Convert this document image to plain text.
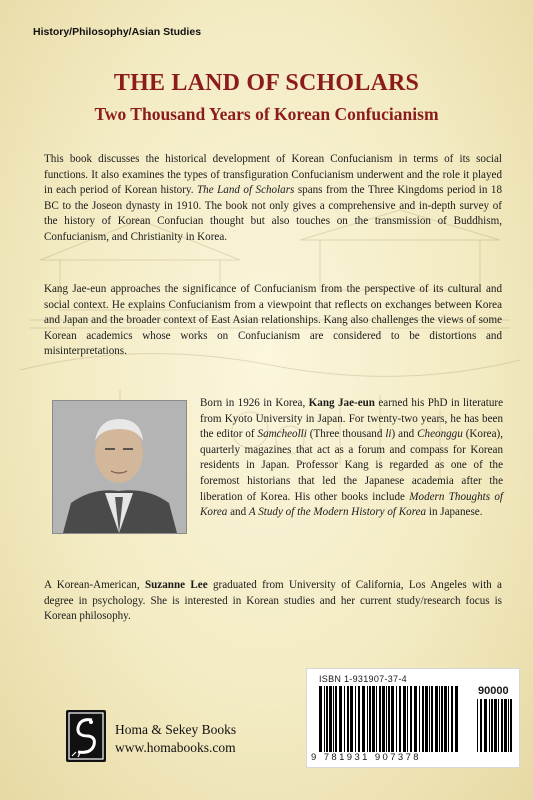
History/Philosophy/Asian Studies
THE LAND OF SCHOLARS
Two Thousand Years of Korean Confucianism
This book discusses the historical development of Korean Confucianism in terms of its social functions. It also examines the types of transfiguration Confucianism underwent and the role it played in each period of Korean history. The Land of Scholars spans from the Three Kingdoms period in 18 BC to the Joseon dynasty in 1910. The book not only gives a comprehensive and in-depth survey of the history of Korean Confucian thought but also touches on the transmission of Buddhism, Confucianism, and Christianity in Korea.
Kang Jae-eun approaches the significance of Confucianism from the perspective of its cultural and social context. He explains Confucianism from a viewpoint that reflects on exchanges between Korea and Japan and the broader context of East Asian relationships. Kang also challenges the views of some Korean academics whose works on Confucianism are considered to be distortions and misinterpretations.
Born in 1926 in Korea, Kang Jae-eun earned his PhD in literature from Kyoto University in Japan. For twenty-two years, he has been the editor of Samcheolli (Three thousand li) and Cheonggu (Korea), quarterly magazines that act as a forum and compass for Korean residents in Japan. Professor Kang is regarded as one of the foremost historians that led the Japanese academia after the liberation of Korea. His other books include Modern Thoughts of Korea and A Study of the Modern History of Korea in Japanese.
A Korean-American, Suzanne Lee graduated from University of California, Los Angeles with a degree in psychology. She is interested in Korean studies and her current study/research focus is Korean philosophy.
Homa & Sekey Books
www.homabooks.com
ISBN 1-931907-37-4
90000
9 781931 907378
